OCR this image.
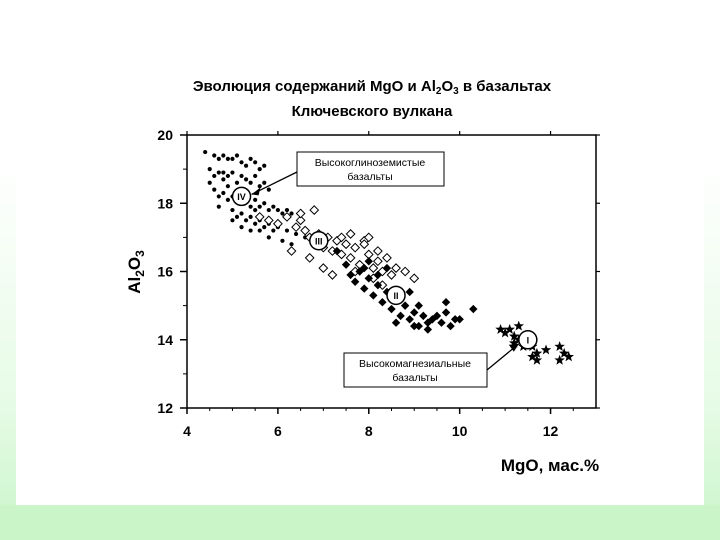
Эволюция содержаний MgO и $Al_2O_3$ в базальтах
Ключевского вулкана
4	6	8	10	12
12
14
16
18
20
IV
III
II
I
Высокоглиноземистые
базальты
Высокомагнезиальные
базальты
MgO, мас.%
$Al_2O_3$
